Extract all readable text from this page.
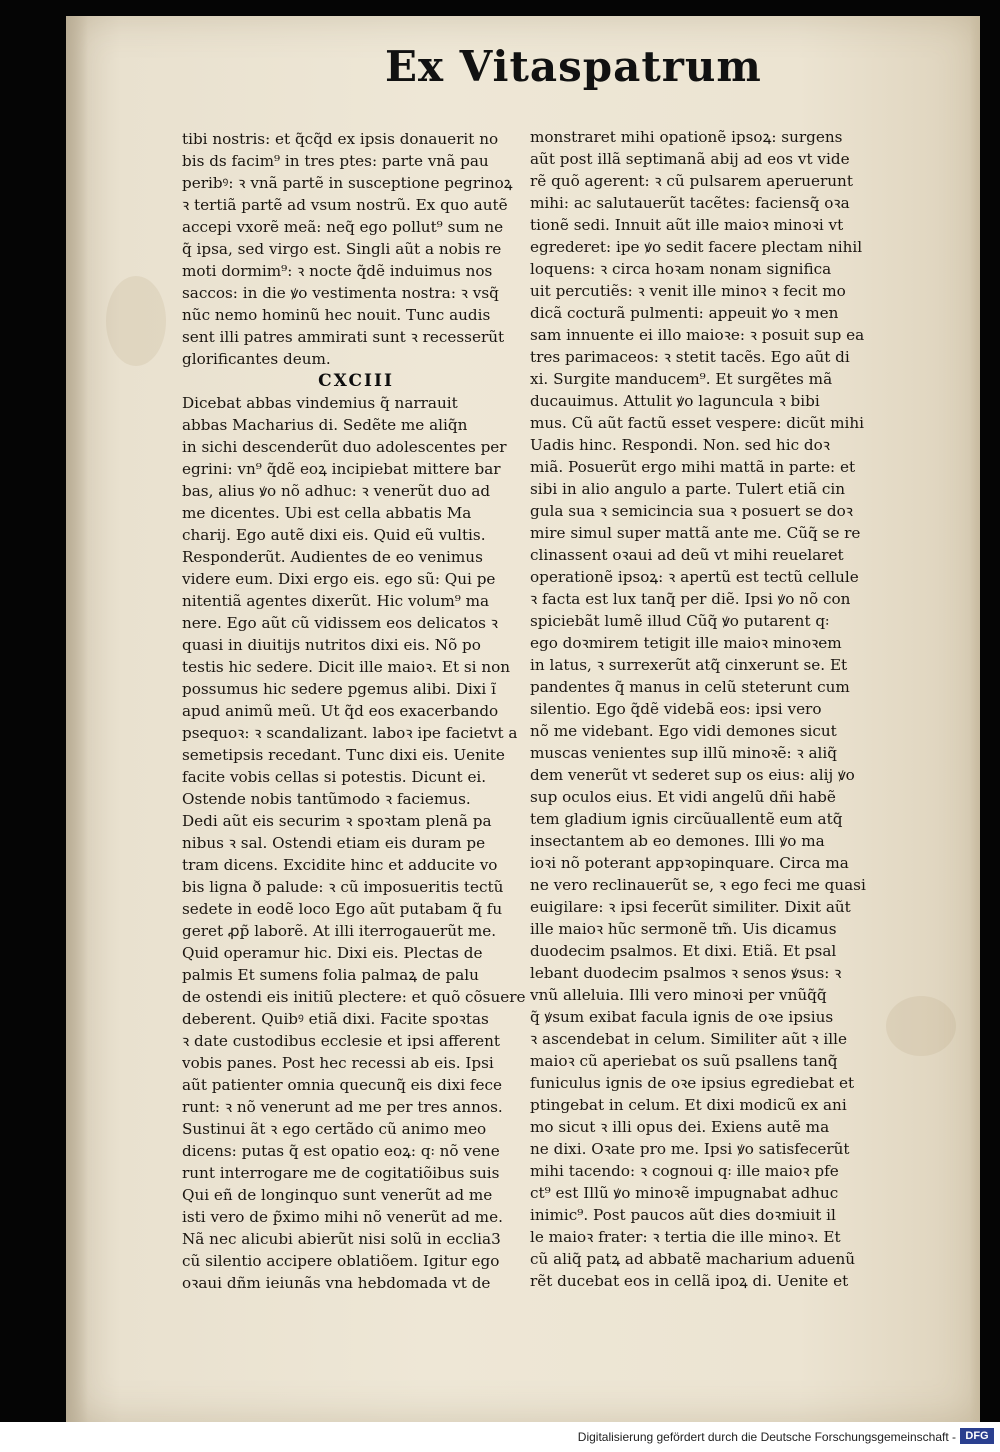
Ex Vitaspatrum
tibi nostris: et q̃cq̃d ex ipsis donauerit no
bis ds facim⁹ in tres ptes: parte vnã pau
peribꝰ: ꝛ vnã partẽ in susceptione pegrinoꝝ
ꝛ tertiã partẽ ad vsum nostrũ. Ex quo autẽ
accepi vxorẽ meã: neq̃ ego pollut⁹ sum ne
q̃ ipsa, sed virgo est. Singli aũt a nobis re
moti dormim⁹: ꝛ nocte q̃dẽ induimus nos
saccos: in die ꝟo vestimenta nostra: ꝛ vsq̃
nũc nemo hominũ hec nouit. Tunc audis
sent illi patres ammirati sunt ꝛ recesserũt
glorificantes deum.
CXCIII
Dicebat abbas vindemius q̃ narrauit
abbas Macharius di. Sedẽte me aliq̃n
in sichi descenderũt duo adolescentes per
egrini: vn⁹ q̃dẽ eoꝝ incipiebat mittere bar
bas, alius ꝟo nõ adhuc: ꝛ venerũt duo ad
me dicentes. Ubi est cella abbatis Ma
charij. Ego autẽ dixi eis. Quid eũ vultis.
Responderũt. Audientes de eo venimus
videre eum. Dixi ergo eis. ego sũ: Qui pe
nitentiã agentes dixerũt. Hic volum⁹ ma
nere. Ego aũt cũ vidissem eos delicatos ꝛ
quasi in diuitijs nutritos dixi eis. Nõ po
testis hic sedere. Dicit ille maioꝛ. Et si non
possumus hic sedere pgemus alibi. Dixi ĩ
apud animũ meũ. Ut q̃d eos exacerbando
psequoꝛ: ꝛ scandalizant. laboꝛ ipe facietvt a
semetipsis recedant. Tunc dixi eis. Uenite
facite vobis cellas si potestis. Dicunt ei.
Ostende nobis tantũmodo ꝛ faciemus.
Dedi aũt eis securim ꝛ spoꝛtam plenã pa
nibus ꝛ sal. Ostendi etiam eis duram pe
tram dicens. Excidite hinc et adducite vo
bis ligna ð palude: ꝛ cũ imposueritis tectũ
sedete in eodẽ loco Ego aũt putabam q̃ fu
geret ꝓp̃ laborẽ. At illi iterrogauerũt me.
Quid operamur hic. Dixi eis. Plectas de
palmis Et sumens folia palmaꝝ de palu
de ostendi eis initiũ plectere: et quõ cõsuere
deberent. Quibꝰ etiã dixi. Facite spoꝛtas
ꝛ date custodibus ecclesie et ipsi afferent
vobis panes. Post hec recessi ab eis. Ipsi
aũt patienter omnia quecunq̃ eis dixi fece
runt: ꝛ nõ venerunt ad me per tres annos.
Sustinui ãt ꝛ ego certãdo cũ animo meo
dicens: putas q̃ est opatio eoꝝ: q꞉ nõ vene
runt interrogare me de cogitatiõibus suis
Qui eñ de longinquo sunt venerũt ad me
isti vero de p̃ximo mihi nõ venerũt ad me.
Nã nec alicubi abierũt nisi solũ in ecclia3
cũ silentio accipere oblatiõem. Igitur ego
oꝛaui dñm ieiunãs vna hebdomada vt de
monstraret mihi opationẽ ipsoꝝ: surgens
aũt post illã septimanã abij ad eos vt vide
rẽ quõ agerent: ꝛ cũ pulsarem aperuerunt
mihi: ac salutauerũt tacẽtes: faciensq̃ oꝛa
tionẽ sedi. Innuit aũt ille maioꝛ minoꝛi vt
egrederet: ipe ꝟo sedit facere plectam nihil
loquens: ꝛ circa hoꝛam nonam significa
uit percutiẽs: ꝛ venit ille minoꝛ ꝛ fecit mo
dicã cocturã pulmenti: appeuit ꝟo ꝛ men
sam innuente ei illo maioꝛe: ꝛ posuit sup ea
tres parimaceos: ꝛ stetit tacẽs. Ego aũt di
xi. Surgite manducem⁹. Et surgẽtes mã
ducauimus. Attulit ꝟo laguncula ꝛ bibi
mus. Cũ aũt factũ esset vespere: dicũt mihi
Uadis hinc. Respondi. Non. sed hic doꝛ
miã. Posuerũt ergo mihi mattã in parte: et
sibi in alio angulo a parte. Tulert etiã cin
gula sua ꝛ semicincia sua ꝛ posuert se doꝛ
mire simul super mattã ante me. Cũq̃ se re
clinassent oꝛaui ad deũ vt mihi reuelaret
operationẽ ipsoꝝ: ꝛ apertũ est tectũ cellule
ꝛ facta est lux tanq̃ per diẽ. Ipsi ꝟo nõ con
spiciebãt lumẽ illud Cũq̃ ꝟo putarent q꞉
ego doꝛmirem tetigit ille maioꝛ minoꝛem
in latus, ꝛ surrexerũt atq̃ cinxerunt se. Et
pandentes q̃ manus in celũ steterunt cum
silentio. Ego q̃dẽ videbã eos: ipsi vero
nõ me videbant. Ego vidi demones sicut
muscas venientes sup illũ minoꝛẽ: ꝛ aliq̃
dem venerũt vt sederet sup os eius: alij ꝟo
sup oculos eius. Et vidi angelũ dñi habẽ
tem gladium ignis circũuallentẽ eum atq̃
insectantem ab eo demones. Illi ꝟo ma
ioꝛi nõ poterant appꝛopinquare. Circa ma
ne vero reclinauerũt se, ꝛ ego feci me quasi
euigilare: ꝛ ipsi fecerũt similiter. Dixit aũt
ille maioꝛ hũc sermonẽ tm̃. Uis dicamus
duodecim psalmos. Et dixi. Etiã. Et psal
lebant duodecim psalmos ꝛ senos ꝟsus: ꝛ
vnũ alleluia. Illi vero minoꝛi per vnũq̃q̃
q̃ ꝟsum exibat facula ignis de oꝛe ipsius
ꝛ ascendebat in celum. Similiter aũt ꝛ ille
maioꝛ cũ aperiebat os suũ psallens tanq̃
funiculus ignis de oꝛe ipsius egrediebat et
ptingebat in celum. Et dixi modicũ ex ani
mo sicut ꝛ illi opus dei. Exiens autẽ ma
ne dixi. Oꝛate pro me. Ipsi ꝟo satisfecerũt
mihi tacendo: ꝛ cognoui q꞉ ille maioꝛ pfe
ct⁹ est Illũ ꝟo minoꝛẽ impugnabat adhuc
inimic⁹. Post paucos aũt dies doꝛmiuit il
le maioꝛ frater: ꝛ tertia die ille minoꝛ. Et
cũ aliq̃ patꝝ ad abbatẽ macharium aduenũ
rẽt ducebat eos in cellã ipoꝝ di. Uenite et
Digitalisierung gefördert durch die Deutsche Forschungsgemeinschaft - DFG
